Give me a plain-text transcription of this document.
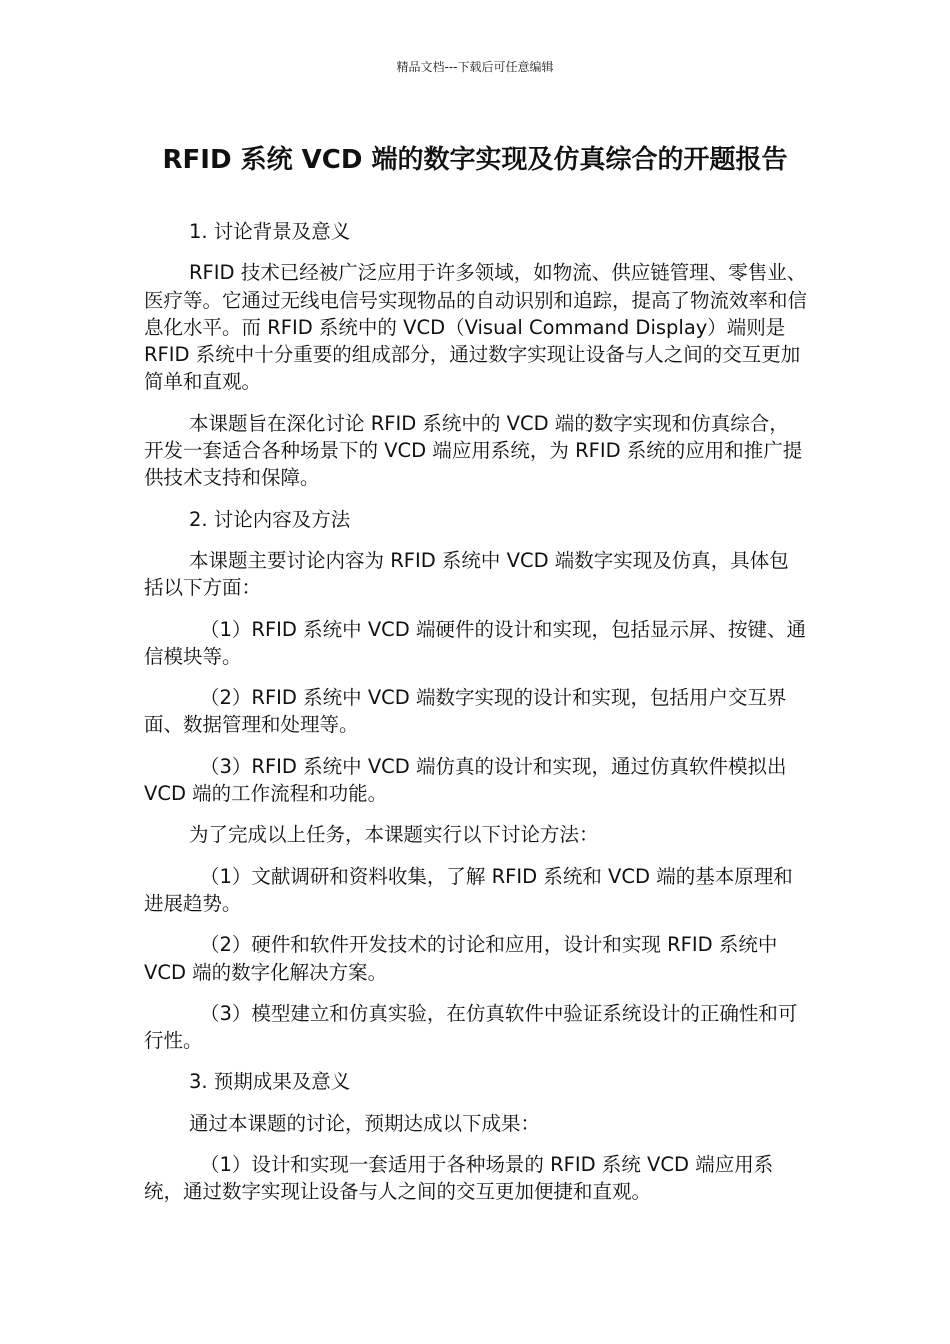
精品文档---下载后可任意编辑
RFID 系统 VCD 端的数字实现及仿真综合的开题报告

1. 讨论背景及意义

RFID 技术已经被广泛应用于许多领域，如物流、供应链管理、零售业、医疗等。它通过无线电信号实现物品的自动识别和追踪，提高了物流效率和信息化水平。而 RFID 系统中的 VCD（Visual Command Display）端则是 RFID 系统中十分重要的组成部分，通过数字实现让设备与人之间的交互更加简单和直观。

本课题旨在深化讨论 RFID 系统中的 VCD 端的数字实现和仿真综合，开发一套适合各种场景下的 VCD 端应用系统，为 RFID 系统的应用和推广提供技术支持和保障。

2. 讨论内容及方法

本课题主要讨论内容为 RFID 系统中 VCD 端数字实现及仿真，具体包括以下方面：

（1）RFID 系统中 VCD 端硬件的设计和实现，包括显示屏、按键、通信模块等。

（2）RFID 系统中 VCD 端数字实现的设计和实现，包括用户交互界面、数据管理和处理等。

（3）RFID 系统中 VCD 端仿真的设计和实现，通过仿真软件模拟出 VCD 端的工作流程和功能。

为了完成以上任务，本课题实行以下讨论方法：

（1）文献调研和资料收集，了解 RFID 系统和 VCD 端的基本原理和进展趋势。

（2）硬件和软件开发技术的讨论和应用，设计和实现 RFID 系统中 VCD 端的数字化解决方案。

（3）模型建立和仿真实验，在仿真软件中验证系统设计的正确性和可行性。

3. 预期成果及意义

通过本课题的讨论，预期达成以下成果：

（1）设计和实现一套适用于各种场景的 RFID 系统 VCD 端应用系统，通过数字实现让设备与人之间的交互更加便捷和直观。
